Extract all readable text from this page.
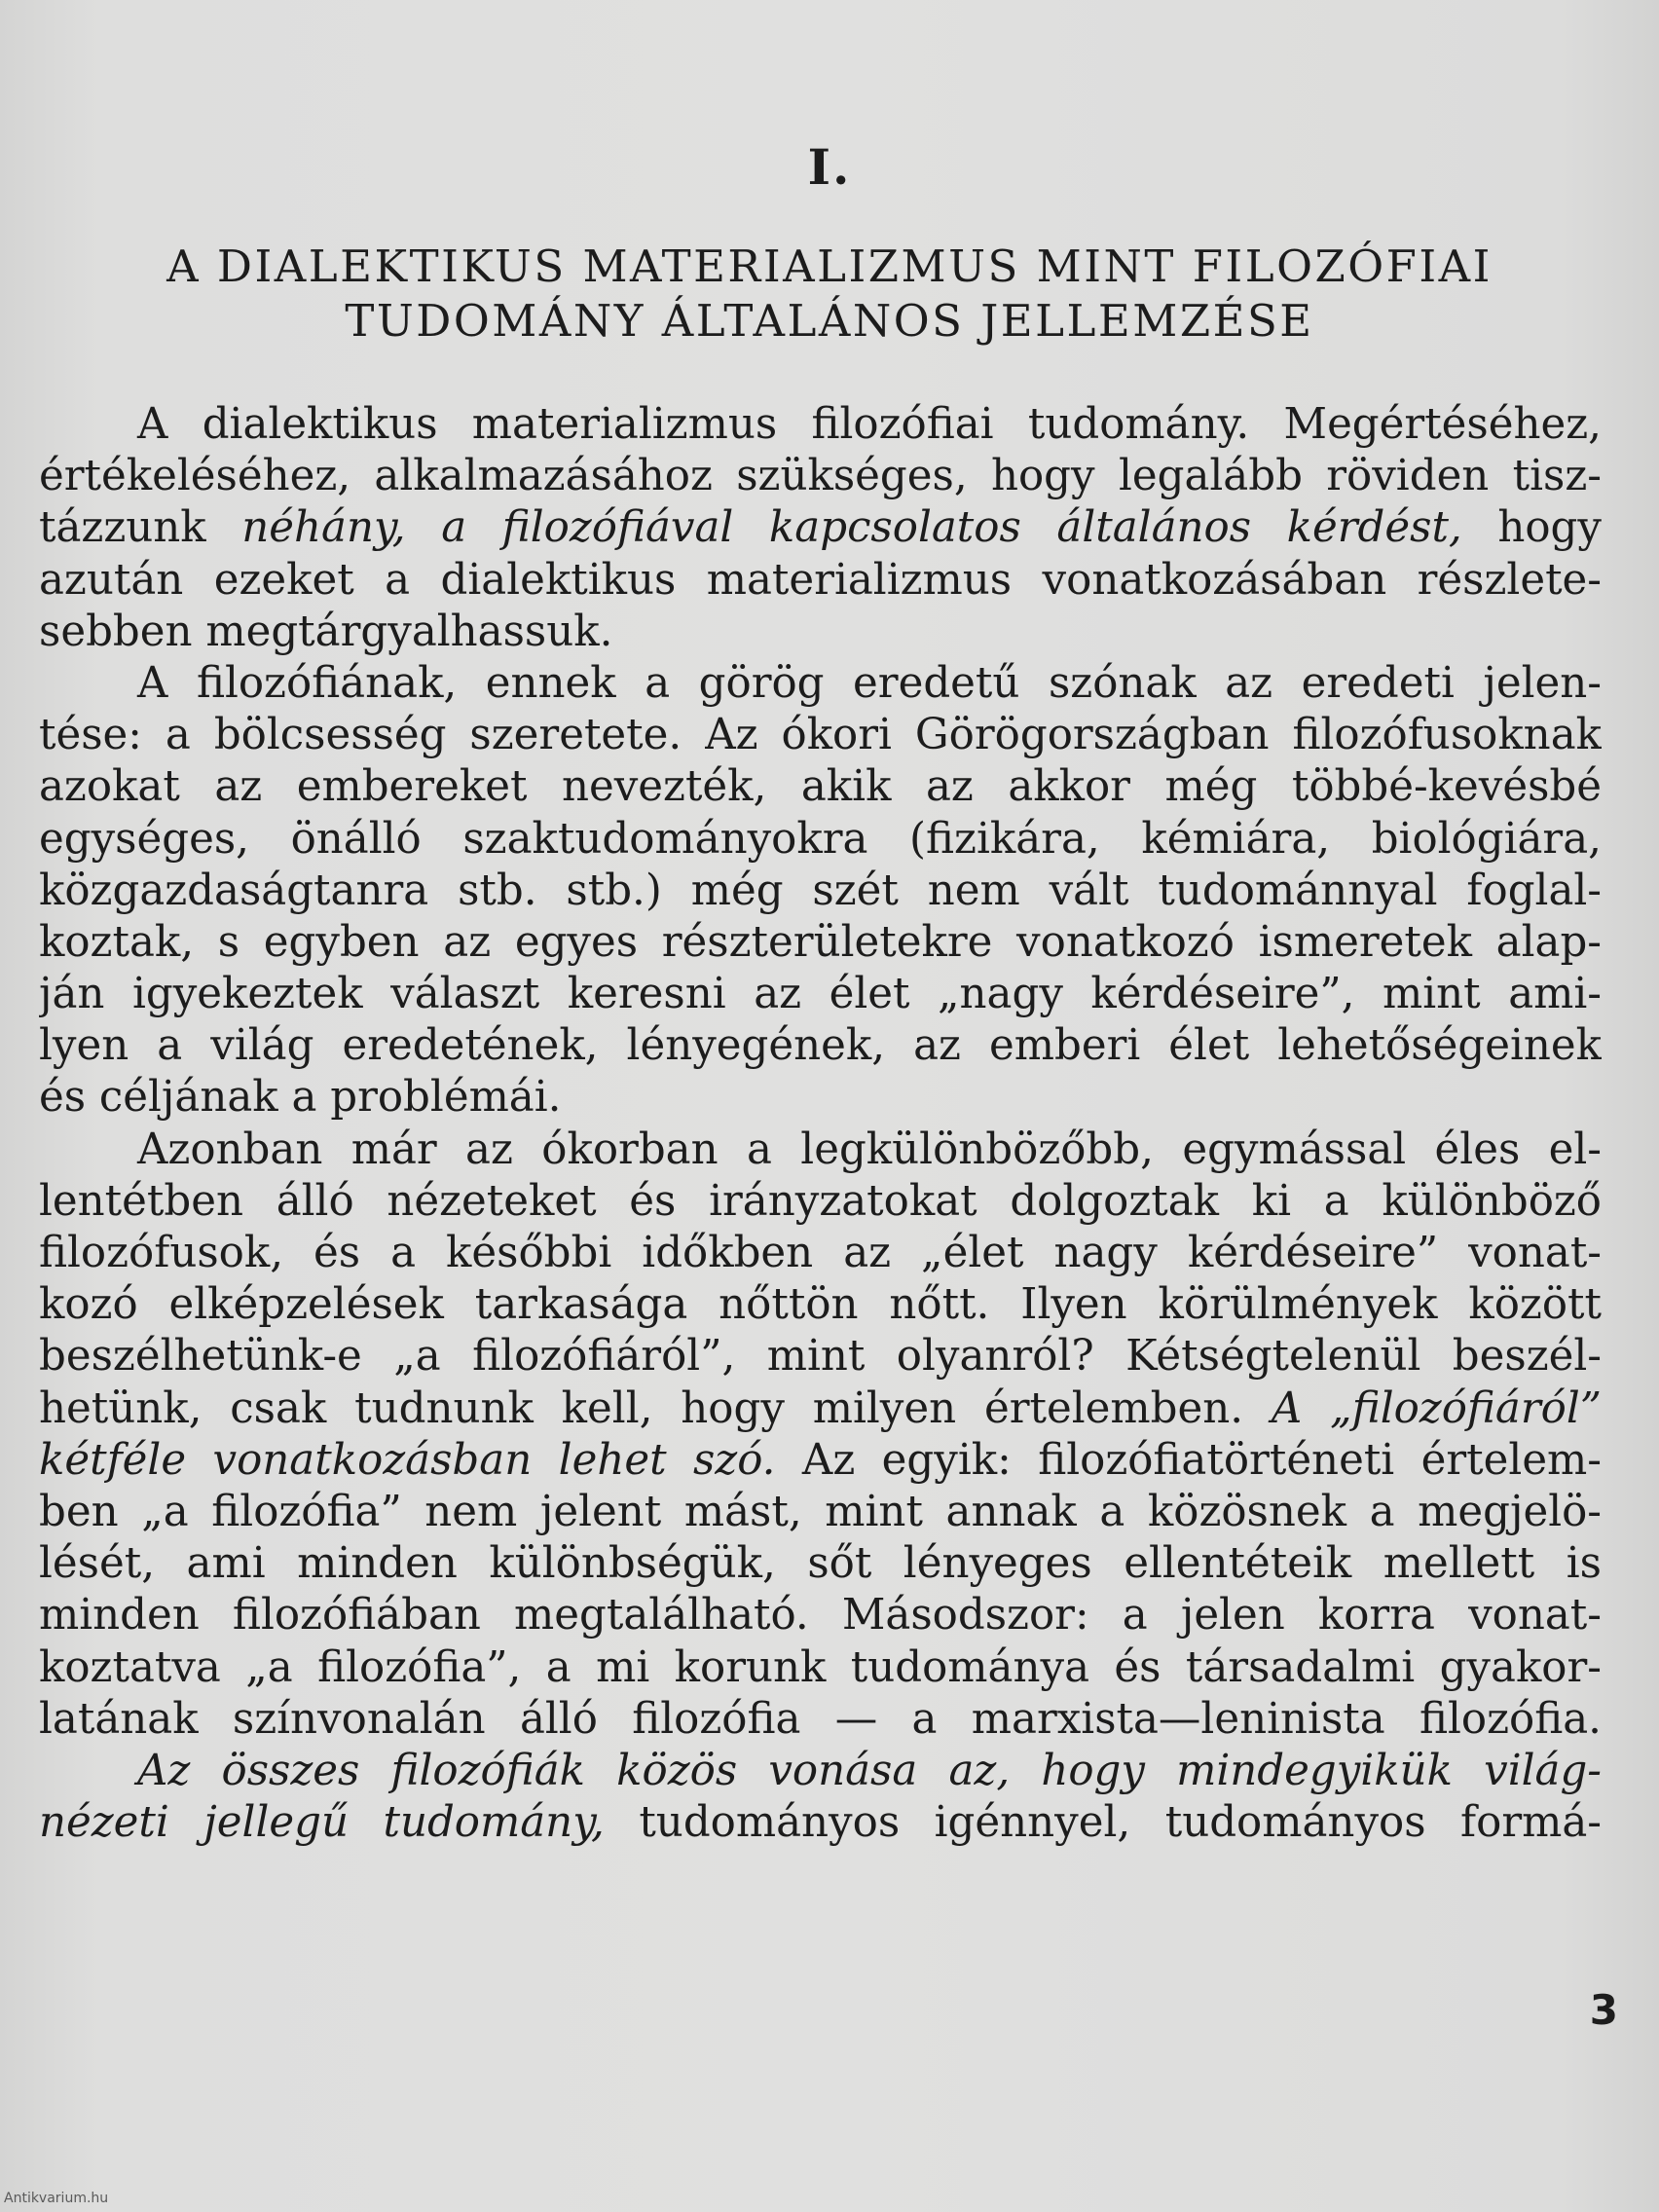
I.
A DIALEKTIKUS MATERIALIZMUS MINT FILOZÓFIAI
TUDOMÁNY ÁLTALÁNOS JELLEMZÉSE
A dialektikus materializmus filozófiai tudomány. Megértéséhez,
értékeléséhez, alkalmazásához szükséges, hogy legalább röviden tisz-
tázzunk néhány, a filozófiával kapcsolatos általános kérdést, hogy
azután ezeket a dialektikus materializmus vonatkozásában részlete-
sebben megtárgyalhassuk.
A filozófiának, ennek a görög eredetű szónak az eredeti jelen-
tése: a bölcsesség szeretete. Az ókori Görögországban filozófusoknak
azokat az embereket nevezték, akik az akkor még többé-kevésbé
egységes, önálló szaktudományokra (fizikára, kémiára, biológiára,
közgazdaságtanra stb. stb.) még szét nem vált tudománnyal foglal-
koztak, s egyben az egyes részterületekre vonatkozó ismeretek alap-
ján igyekeztek választ keresni az élet „nagy kérdéseire”, mint ami-
lyen a világ eredetének, lényegének, az emberi élet lehetőségeinek
és céljának a problémái.
Azonban már az ókorban a legkülönbözőbb, egymással éles el-
lentétben álló nézeteket és irányzatokat dolgoztak ki a különböző
filozófusok, és a későbbi időkben az „élet nagy kérdéseire” vonat-
kozó elképzelések tarkasága nőttön nőtt. Ilyen körülmények között
beszélhetünk-e „a filozófiáról”, mint olyanról? Kétségtelenül beszél-
hetünk, csak tudnunk kell, hogy milyen értelemben. A „filozófiáról”
kétféle vonatkozásban lehet szó. Az egyik: filozófiatörténeti értelem-
ben „a filozófia” nem jelent mást, mint annak a közösnek a megjelö-
lését, ami minden különbségük, sőt lényeges ellentéteik mellett is
minden filozófiában megtalálható. Másodszor: a jelen korra vonat-
koztatva „a filozófia”, a mi korunk tudománya és társadalmi gyakor-
latának színvonalán álló filozófia — a marxista—leninista filozófia.
Az összes filozófiák közös vonása az, hogy mindegyikük világ-
nézeti jellegű tudomány, tudományos igénnyel, tudományos formá-
3
Antikvarium.hu
